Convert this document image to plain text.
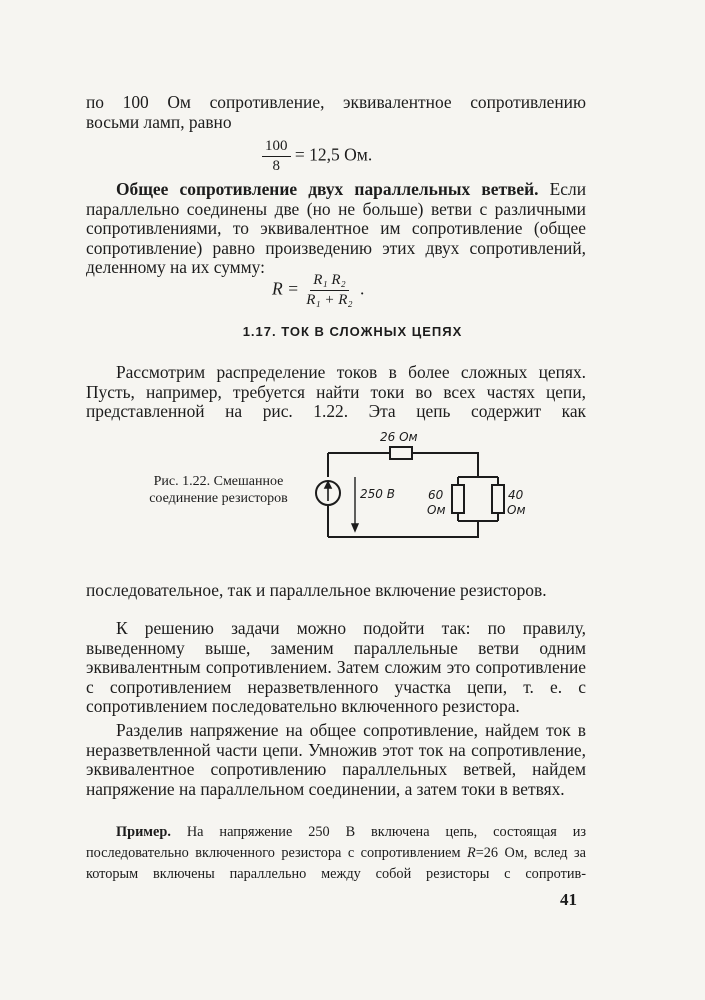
по 100 Ом сопротивление, эквивалентное сопротивлению

восьми ламп, равно

$\frac{100}{8} = 12,5$ Ом.

Общее сопротивление двух параллельных ветвей. Если параллельно соединены две (но не больше) ветви с различными сопротивлениями, то эквивалентное им сопротивление (общее сопротивление) равно произведению этих двух сопротивлений, деленному на их сумму:

$R = \frac{\text{R₁ R₂}}{\text{R₁ + R₂}}$ .
1.17. ТОК В СЛОЖНЫХ ЦЕПЯХ

Рассмотрим распределение токов в более сложных цепях. Пусть, например, требуется найти токи во всех частях цепи, представленной на рис. 1.22. Эта цепь содержит как

Рис. 1.22. Смешанное соединение резисторов
26 Ом
250 В	60
Ом
40
Ом

последовательное, так и параллельное включение резисторов.

К решению задачи можно подойти так: по правилу, выведенному выше, заменим параллельные ветви одним эквивалентным сопротивлением. Затем сложим это сопротивление с сопротивлением неразветвленного участка цепи, т. е. с сопротивлением последовательно включенного резистора.

Разделив напряжение на общее сопротивление, найдем ток в неразветвленной части цепи. Умножив этот ток на сопротивление, эквивалентное сопротивлению параллельных ветвей, найдем напряжение на параллельном соединении, а затем токи в ветвях.

Пример. На напряжение 250 В включена цепь, состоящая из последовательно включенного резистора с сопротивлением R=26 Ом, вслед за которым включены параллельно между собой резисторы с сопротив-

41
